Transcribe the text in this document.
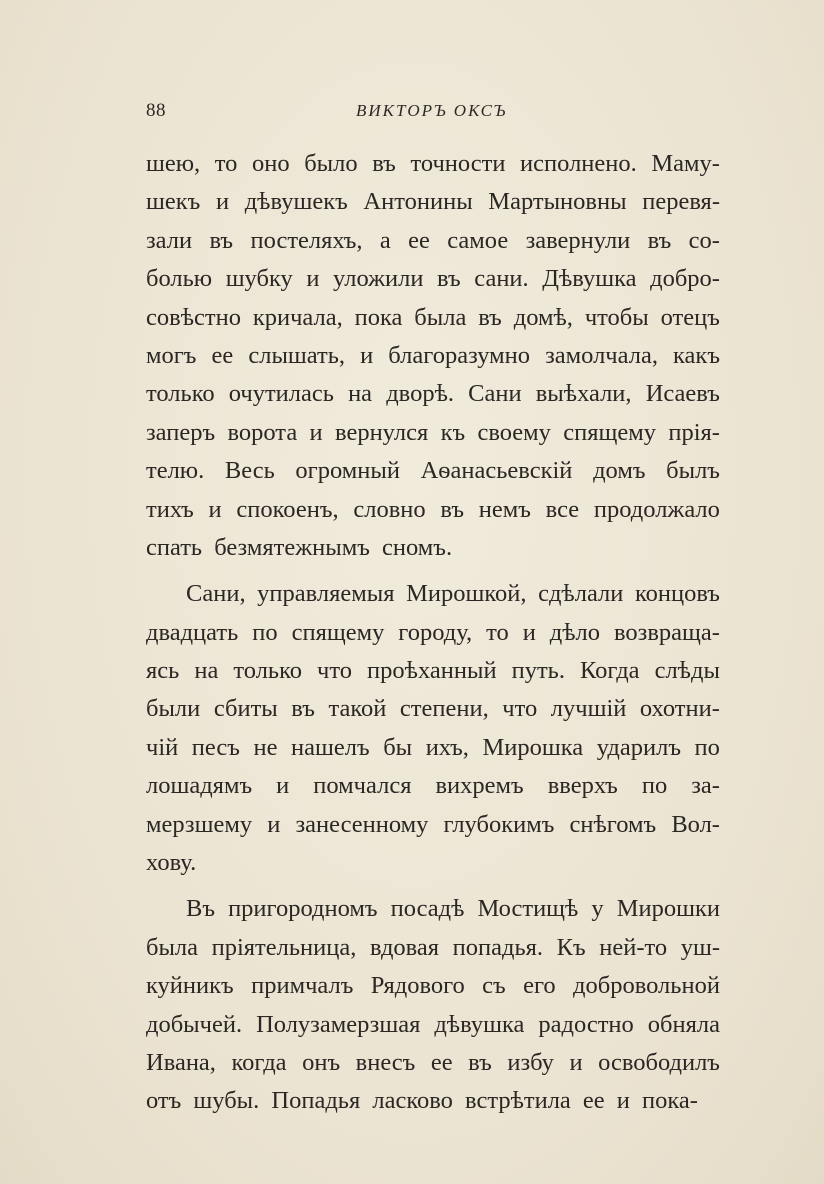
88	ВИКТОРЪ ОКСЪ
шею, то оно было въ точности исполнено. Маму-
шекъ и дѣвушекъ Антонины Мартыновны перевя-
зали въ постеляхъ, а ее самое завернули въ со-
болью шубку и уложили въ сани. Дѣвушка добро-
совѣстно кричала, пока была въ домѣ, чтобы отецъ
могъ ее слышать, и благоразумно замолчала, какъ
только очутилась на дворѣ. Сани выѣхали, Исаевъ
заперъ ворота и вернулся къ своему спящему прія-
телю. Весь огромный Аѳанасьевскій домъ былъ
тихъ и спокоенъ, словно въ немъ все продолжало
спать безмятежнымъ сномъ.
Сани, управляемыя Мирошкой, сдѣлали концовъ
двадцать по спящему городу, то и дѣло возвраща-
ясь на только что проѣханный путь. Когда слѣды
были сбиты въ такой степени, что лучшій охотни-
чій песъ не нашелъ бы ихъ, Мирошка ударилъ по
лошадямъ и помчался вихремъ вверхъ по за-
мерзшему и занесенному глубокимъ снѣгомъ Вол-
хову.
Въ пригородномъ посадѣ Мостищѣ у Мирошки
была пріятельница, вдовая попадья. Къ ней-то уш-
куйникъ примчалъ Рядового съ его добровольной
добычей. Полузамерзшая дѣвушка радостно обняла
Ивана, когда онъ внесъ ее въ избу и освободилъ
отъ шубы. Попадья ласково встрѣтила ее и пока-
